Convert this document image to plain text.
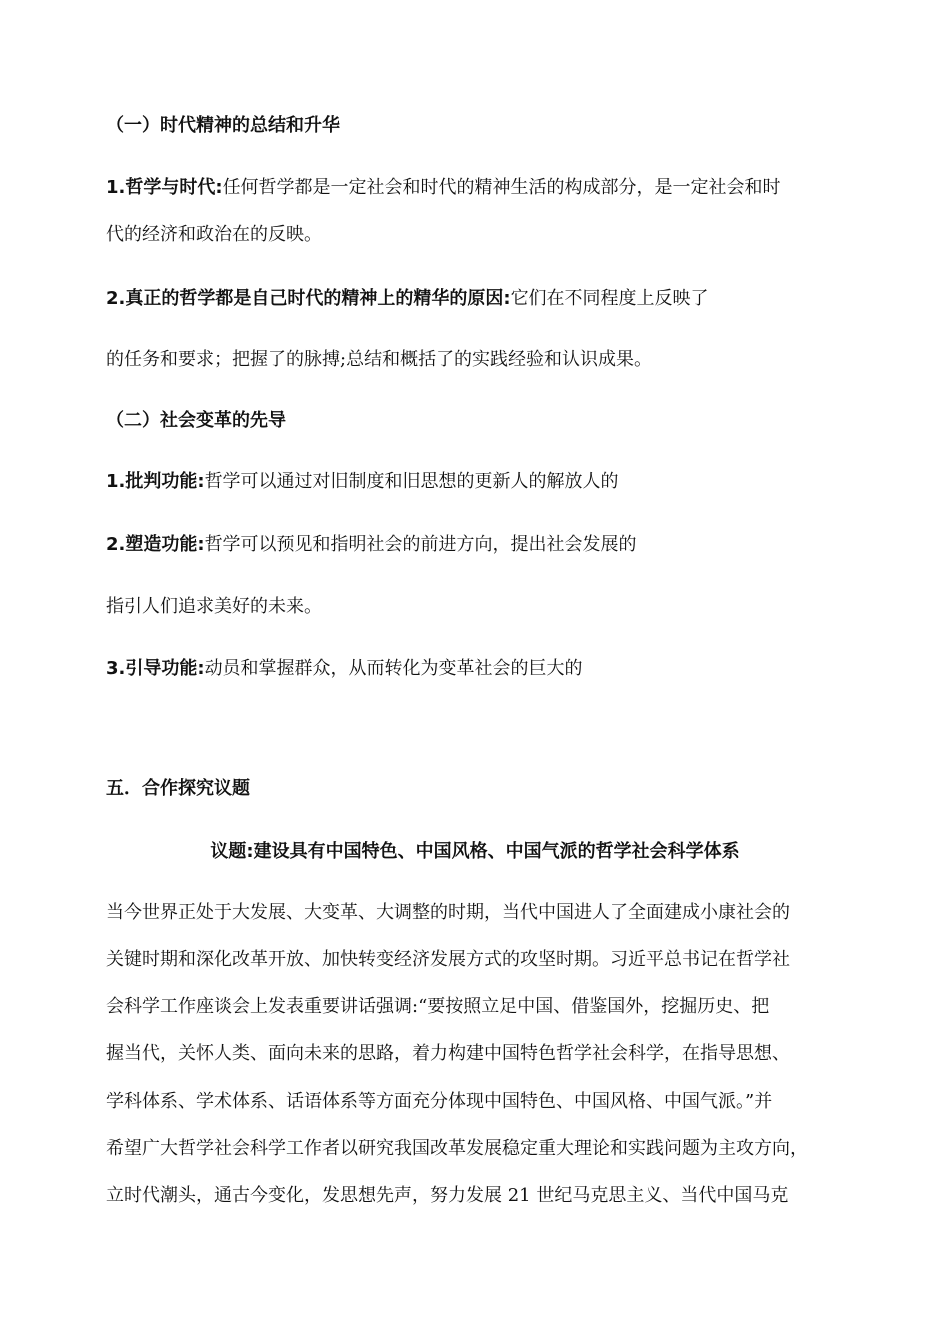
（一）时代精神的总结和升华
1.哲学与时代:任何哲学都是一定社会和时代的精神生活的构成部分，是一定社会和时
代的经济和政治在的反映。
2.真正的哲学都是自己时代的精神上的精华的原因:它们在不同程度上反映了
的任务和要求；把握了的脉搏;总结和概括了的实践经验和认识成果。
（二）社会变革的先导
1.批判功能:哲学可以通过对旧制度和旧思想的更新人的解放人的
2.塑造功能:哲学可以预见和指明社会的前进方向，提出社会发展的
指引人们追求美好的未来。
3.引导功能:动员和掌握群众，从而转化为变革社会的巨大的
五．合作探究议题
议题:建设具有中国特色、中国风格、中国气派的哲学社会科学体系
当今世界正处于大发展、大变革、大调整的时期，当代中国进人了全面建成小康社会的
关键时期和深化改革开放、加快转变经济发展方式的攻坚时期。习近平总书记在哲学社
会科学工作座谈会上发表重要讲话强调:“要按照立足中国、借鉴国外，挖掘历史、把
握当代，关怀人类、面向未来的思路，着力构建中国特色哲学社会科学，在指导思想、
学科体系、学术体系、话语体系等方面充分体现中国特色、中国风格、中国气派。”并
希望广大哲学社会科学工作者以研究我国改革发展稳定重大理论和实践问题为主攻方向，
立时代潮头，通古今变化，发思想先声，努力发展 21 世纪马克思主义、当代中国马克
